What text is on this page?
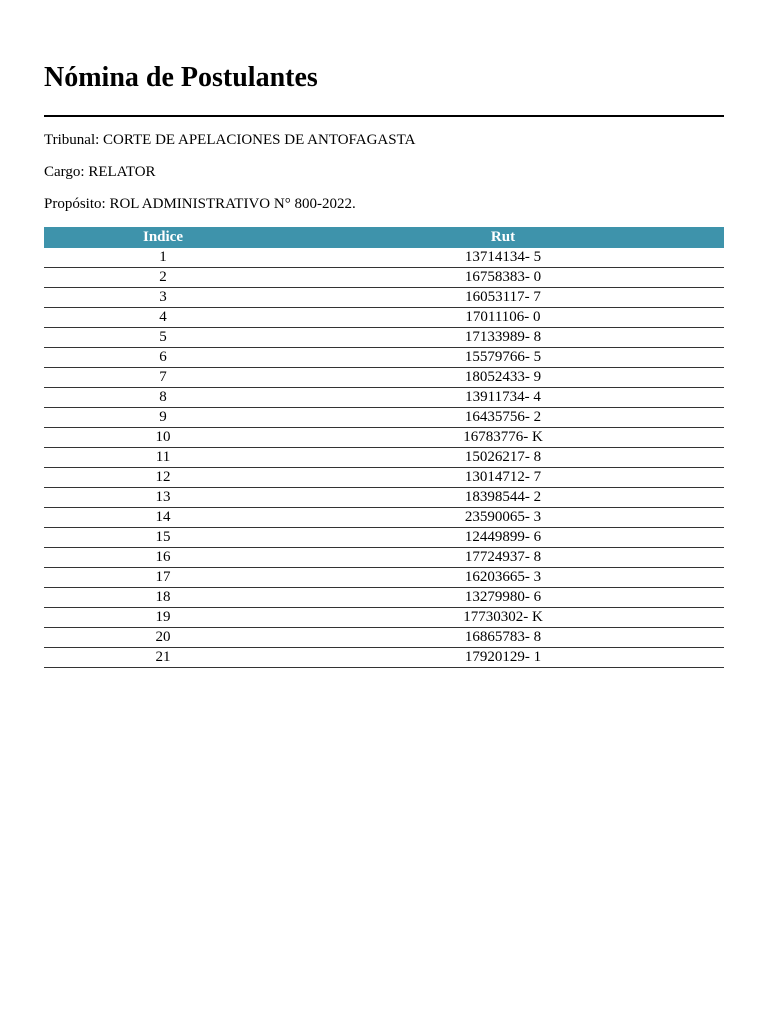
Nómina de Postulantes
Tribunal: CORTE DE APELACIONES DE ANTOFAGASTA
Cargo: RELATOR
Propósito: ROL ADMINISTRATIVO N° 800-2022.
Indice	Rut
1	13714134- 5
2	16758383- 0
3	16053117- 7
4	17011106- 0
5	17133989- 8
6	15579766- 5
7	18052433- 9
8	13911734- 4
9	16435756- 2
10	16783776- K
11	15026217- 8
12	13014712- 7
13	18398544- 2
14	23590065- 3
15	12449899- 6
16	17724937- 8
17	16203665- 3
18	13279980- 6
19	17730302- K
20	16865783- 8
21	17920129- 1
